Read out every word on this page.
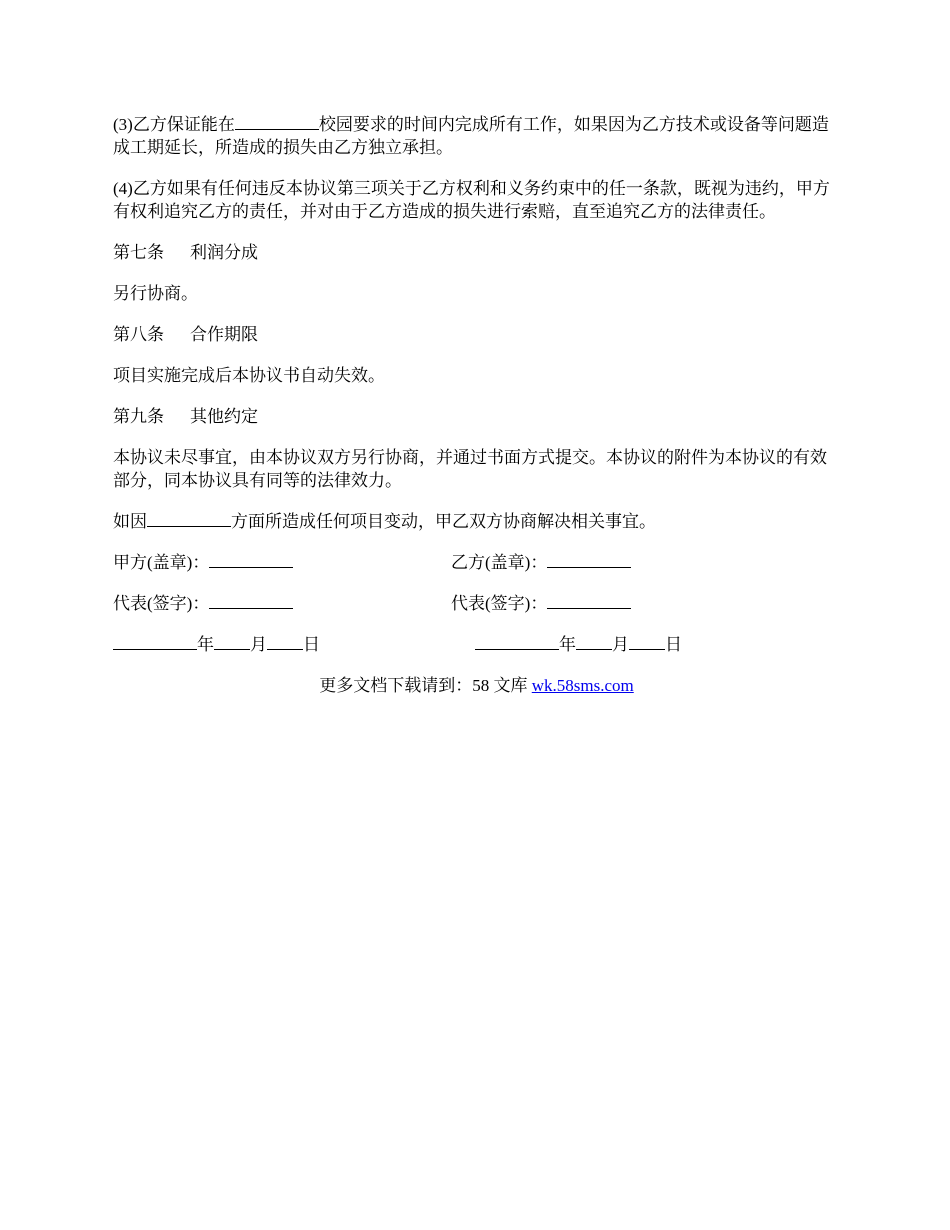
(3)乙方保证能在	校园要求的时间内完成所有工作，如果因为乙方技术或设备等问题造成工期延长，所造成的损失由乙方独立承担。

(4)乙方如果有任何违反本协议第三项关于乙方权利和义务约束中的任一条款，既视为违约，甲方有权利追究乙方的责任，并对由于乙方造成的损失进行索赔，直至追究乙方的法律责任。

第七条 利润分成

另行协商。

第八条 合作期限

项目实施完成后本协议书自动失效。

第九条 其他约定

本协议未尽事宜，由本协议双方另行协商，并通过书面方式提交。本协议的附件为本协议的有效部分，同本协议具有同等的法律效力。

如因	方面所造成任何项目变动，甲乙双方协商解决相关事宜。

甲方(盖章)：	乙方(盖章)：
代表(签字)：	代表(签字)：
年 月 日	年 月 日

更多文档下载请到：58 文库 wk.58sms.com
